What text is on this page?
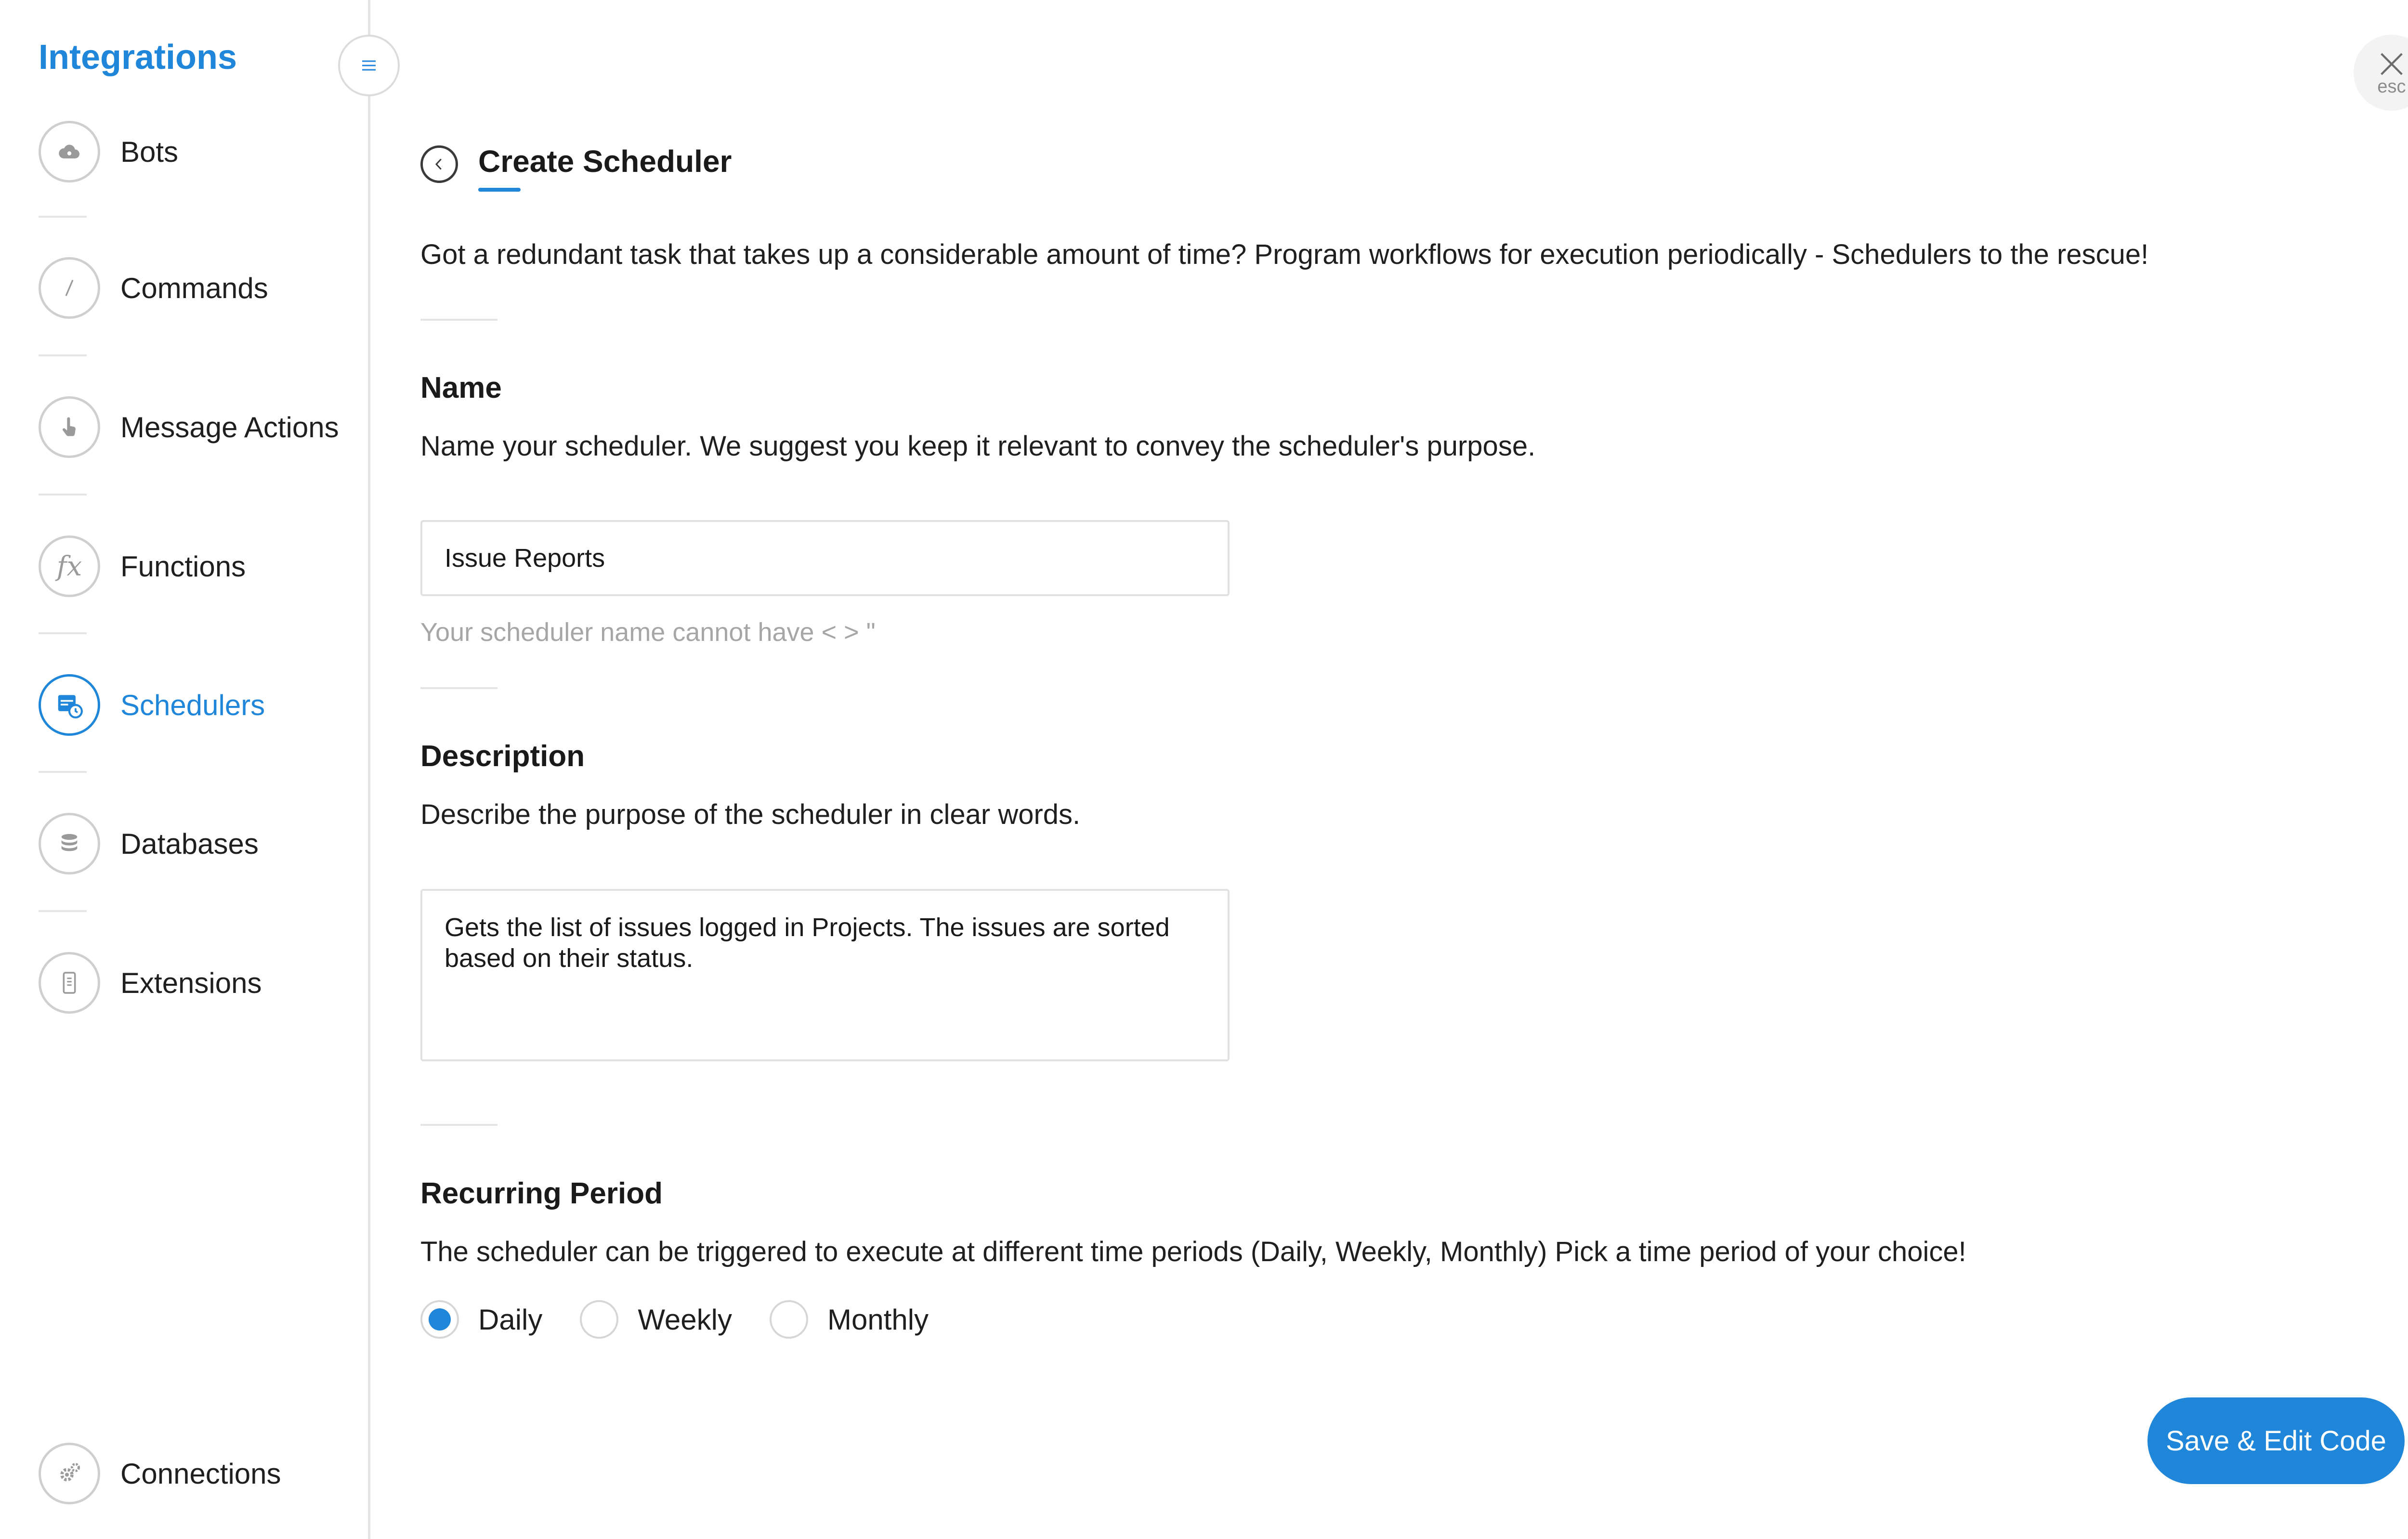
Integrations
Bots
Commands
Message Actions
fx Functions
Schedulers
Databases
Extensions
Connections
esc
Create Scheduler
Got a redundant task that takes up a considerable amount of time? Program workflows for execution periodically - Schedulers to the rescue!
Name
Name your scheduler. We suggest you keep it relevant to convey the scheduler's purpose.
Issue Reports
Your scheduler name cannot have < > "
Description
Describe the purpose of the scheduler in clear words.
Gets the list of issues logged in Projects. The issues are sorted based on their status.
Recurring Period
The scheduler can be triggered to execute at different time periods (Daily, Weekly, Monthly) Pick a time period of your choice!
Daily	Weekly	Monthly
Save & Edit Code
